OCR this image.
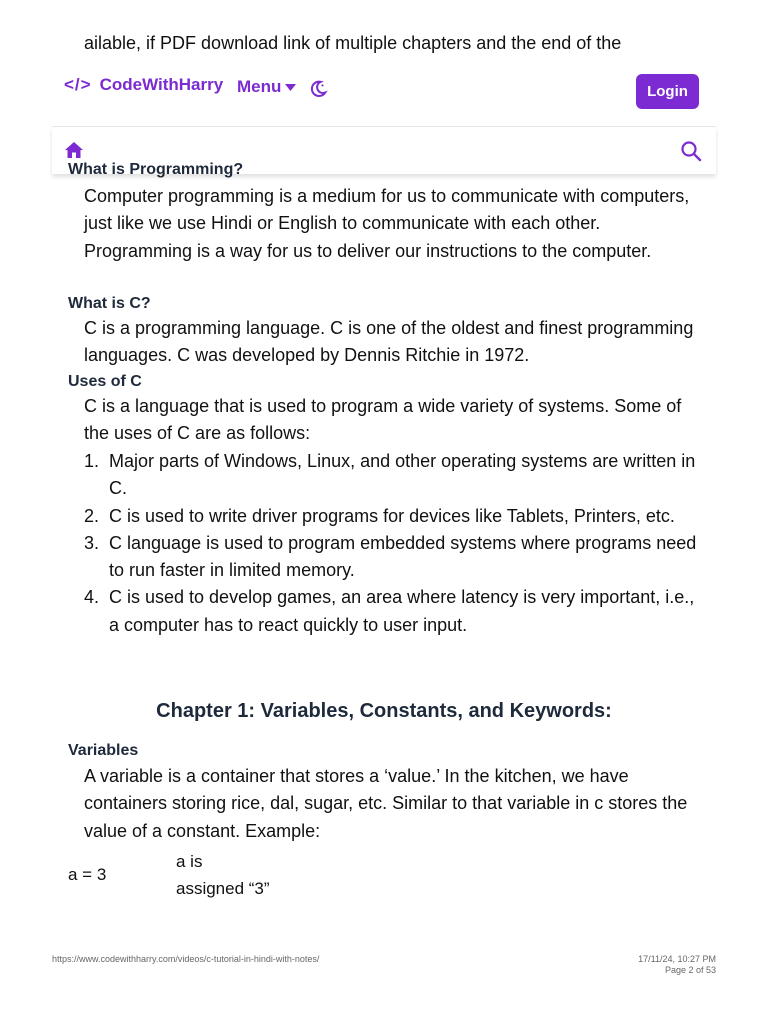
ailable, if PDF download link of multiple chapters and the end of the
</> CodeWithHarry Menu	Login
What is Programming?
Computer programming is a medium for us to communicate with computers, just like we use Hindi or English to communicate with each other. Programming is a way for us to deliver our instructions to the computer.
What is C?
C is a programming language. C is one of the oldest and finest programming languages. C was developed by Dennis Ritchie in 1972.
Uses of C
C is a language that is used to program a wide variety of systems. Some of the uses of C are as follows:
1. Major parts of Windows, Linux, and other operating systems are written in C.
2. C is used to write driver programs for devices like Tablets, Printers, etc.
3. C language is used to program embedded systems where programs need to run faster in limited memory.
4. C is used to develop games, an area where latency is very important, i.e., a computer has to react quickly to user input.
Chapter 1: Variables, Constants, and Keywords:
Variables
A variable is a container that stores a ‘value.’ In the kitchen, we have containers storing rice, dal, sugar, etc. Similar to that variable in c stores the value of a constant. Example:
a = 3
a is
assigned “3”
https://www.codewithharry.com/videos/c-tutorial-in-hindi-with-notes/	17/11/24, 10:27 PM
Page 2 of 53
